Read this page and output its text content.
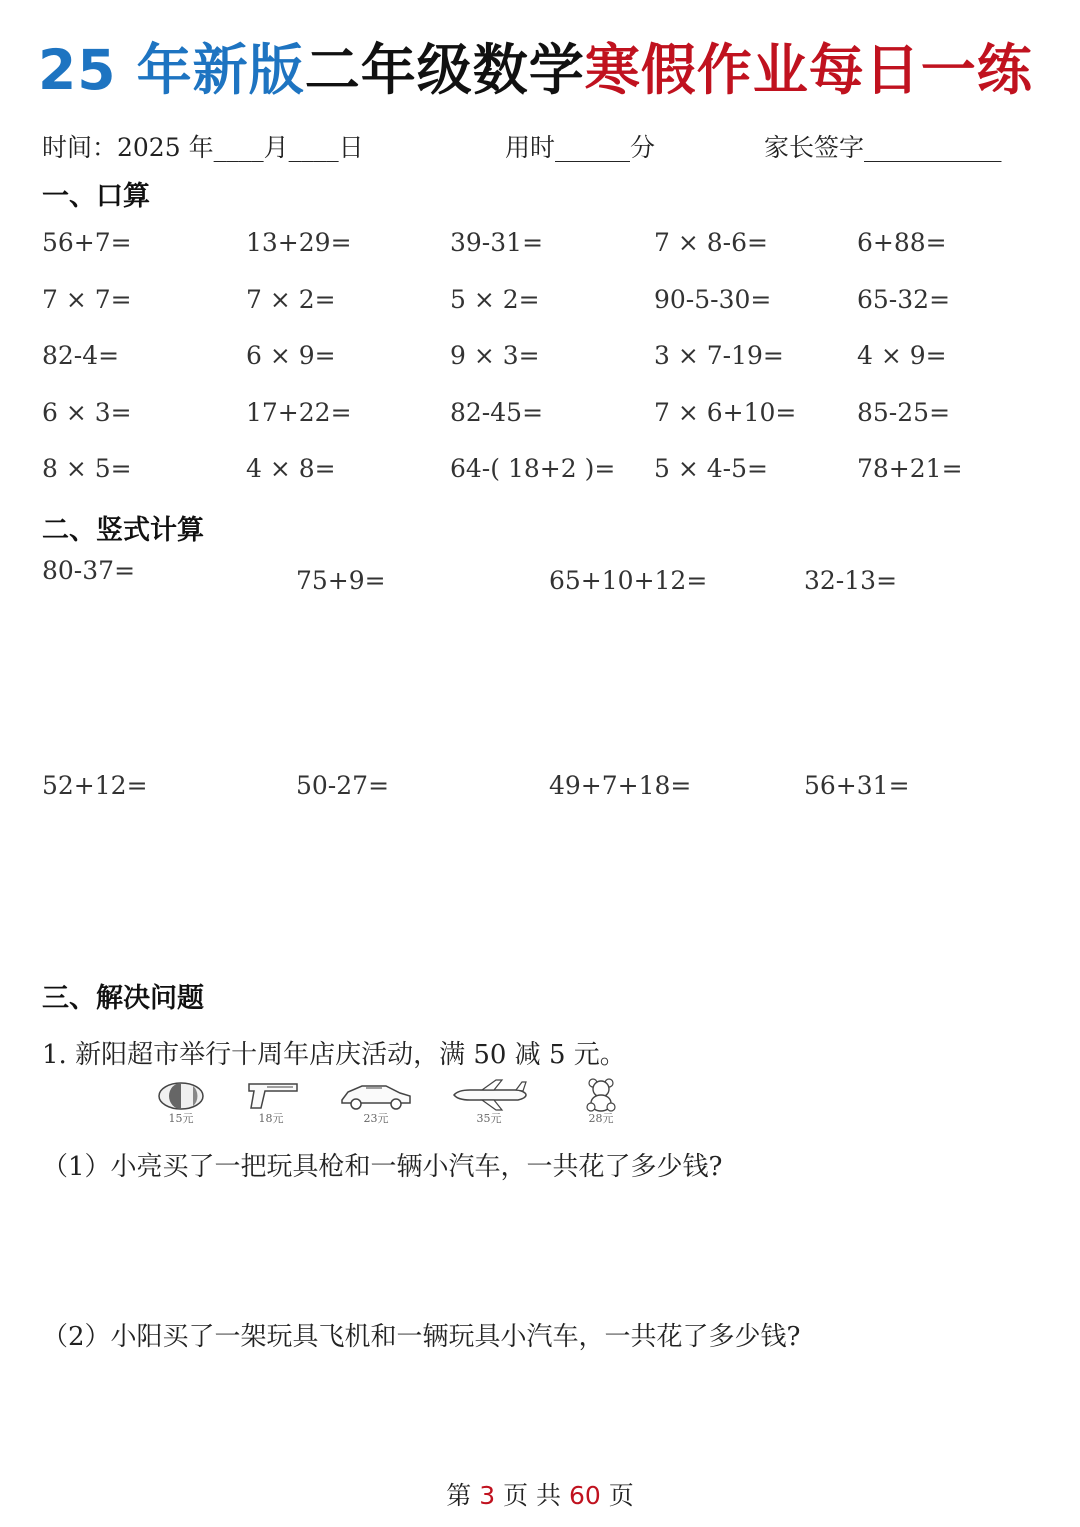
25 年新版二年级数学寒假作业每日一练
时间：2025 年____月____日	用时______分	家长签字___________
一、口算
56+7=	13+29=	39-31=	7 × 8-6=	6+88=
7 × 7=	7 × 2=	5 × 2=	90-5-30=	65-32=
82-4=	6 × 9=	9 × 3=	3 × 7-19=	4 × 9=
6 × 3=	17+22=	82-45=	7 × 6+10=	85-25=
8 × 5=	4 × 8=	64-( 18+2 )=	5 × 4-5=	78+21=
二、竖式计算
80-37=	75+9=	65+10+12=	32-13=
52+12=	50-27=	49+7+18=	56+31=
三、解决问题
1. 新阳超市举行十周年店庆活动，满 50 减 5 元。
15元	18元	23元	35元	28元
（1）小亮买了一把玩具枪和一辆小汽车，一共花了多少钱?
（2）小阳买了一架玩具飞机和一辆玩具小汽车，一共花了多少钱?
第 3 页 共 60 页
